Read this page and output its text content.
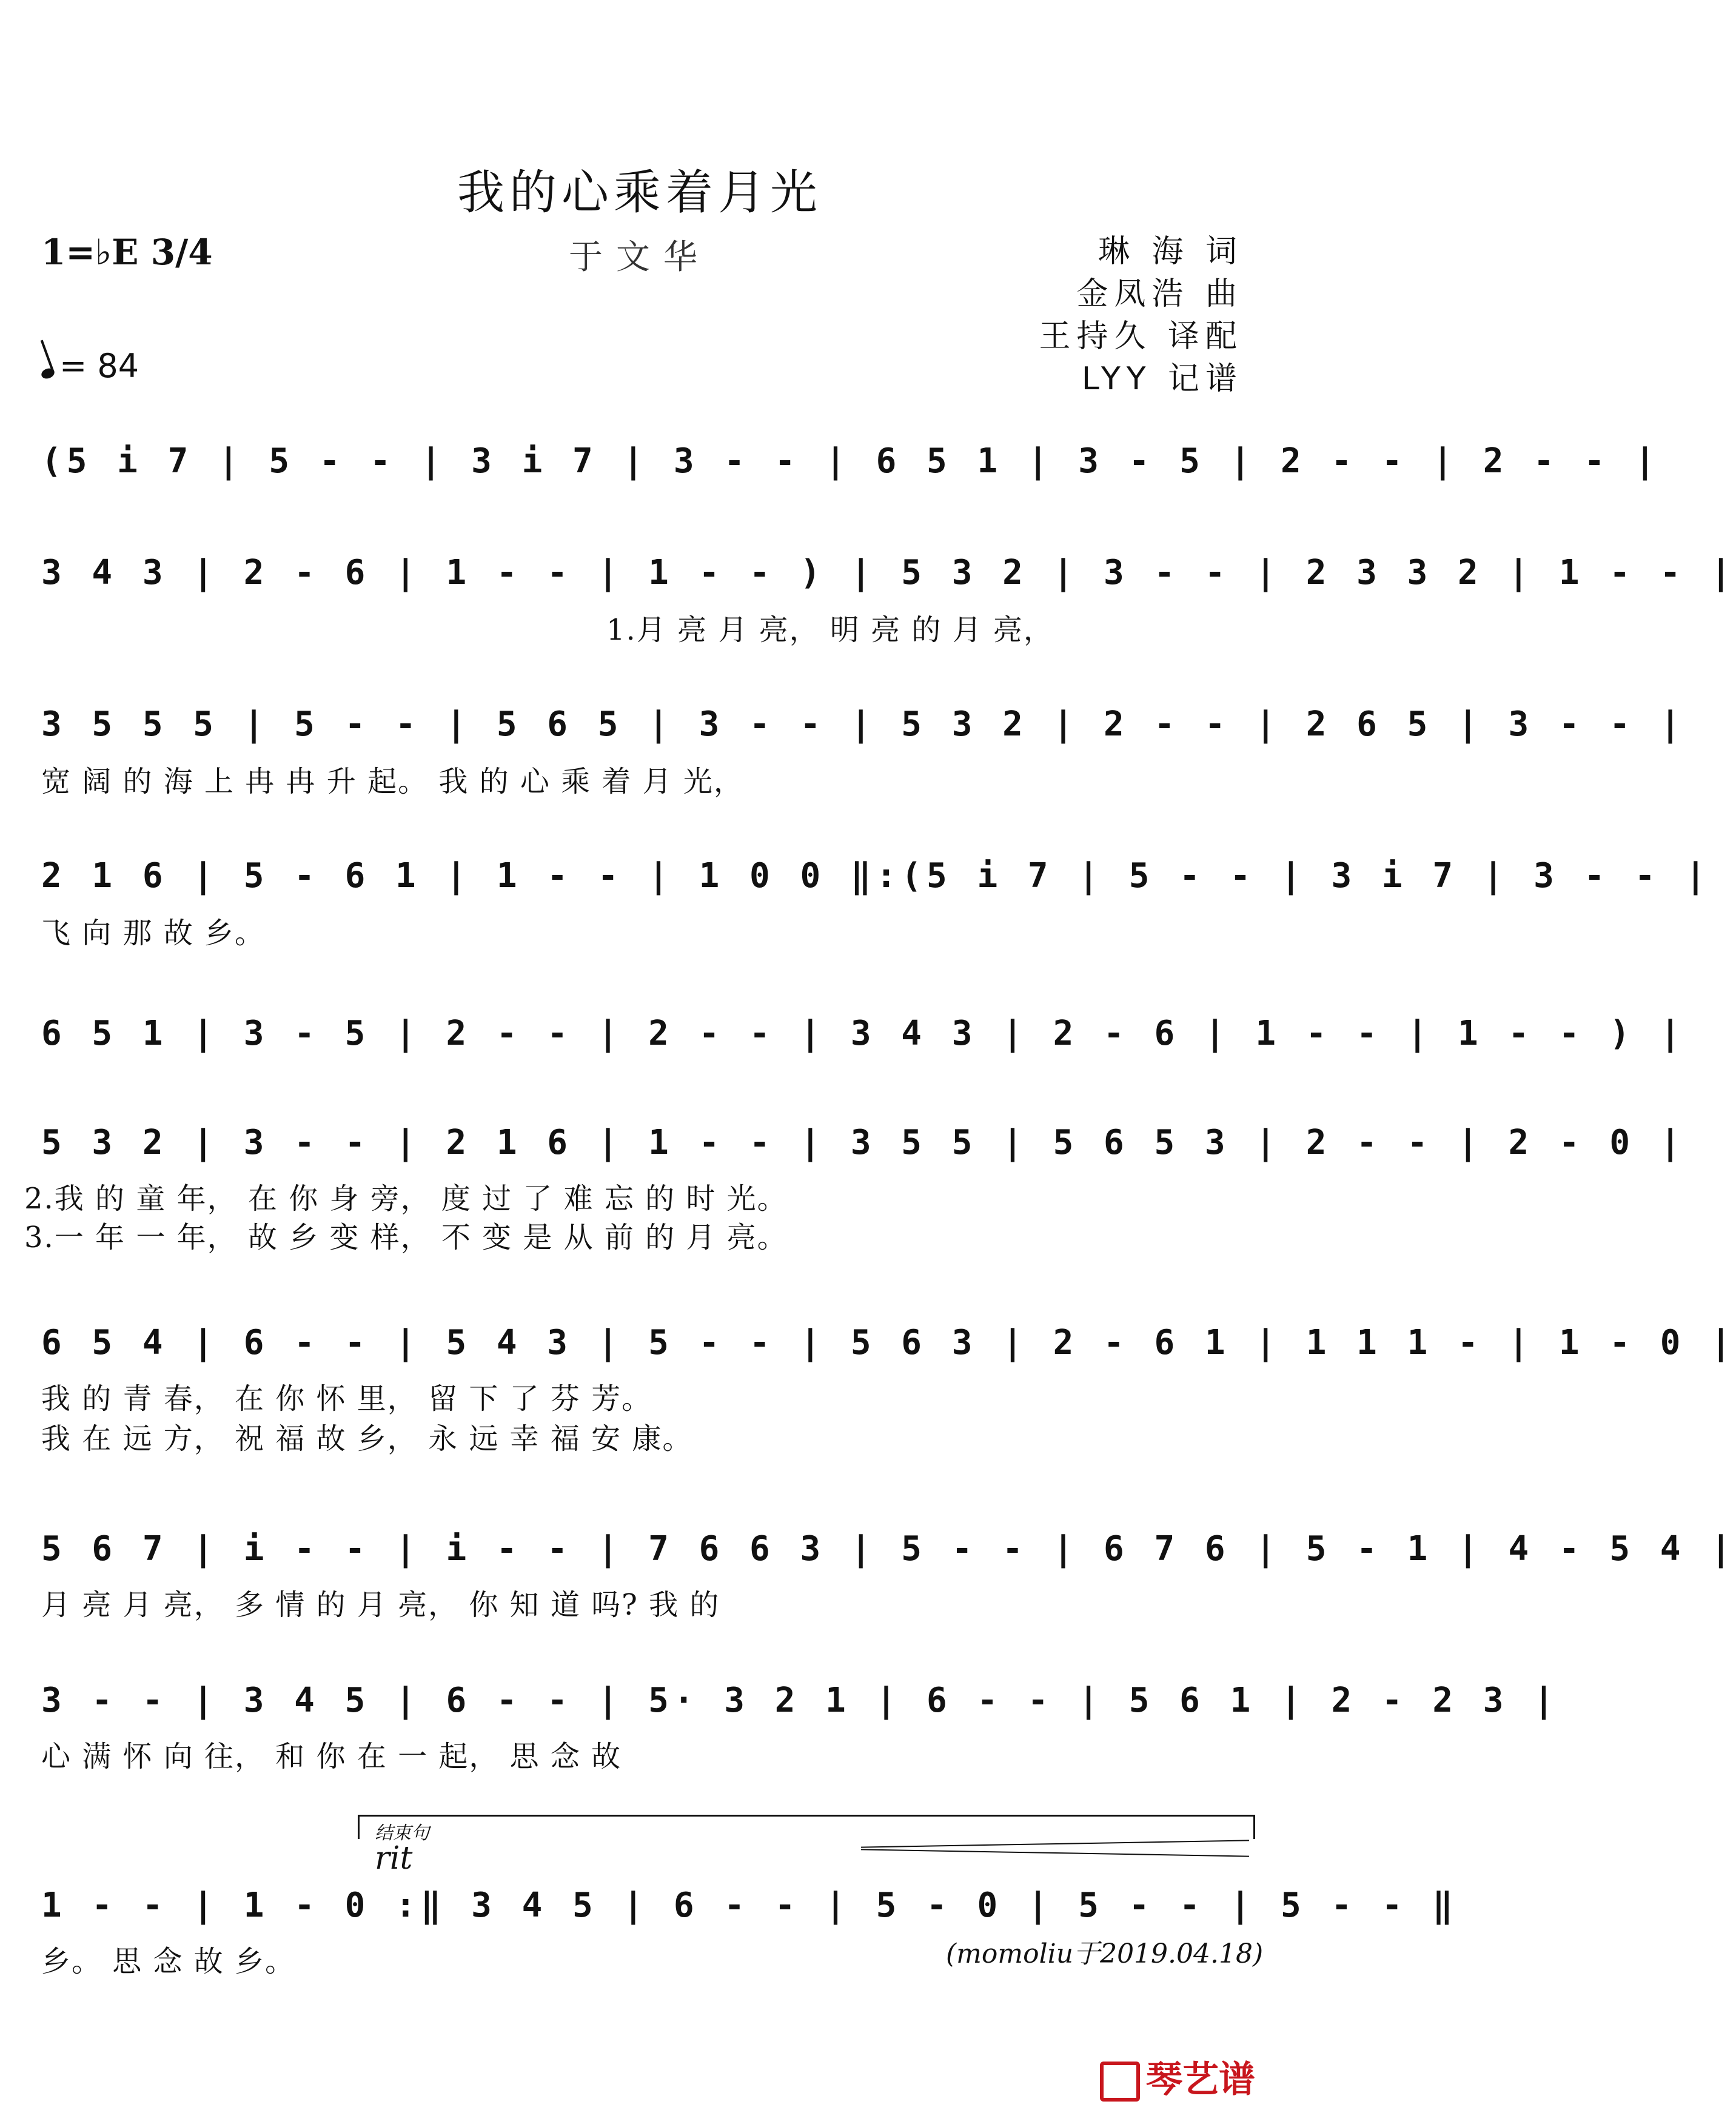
我的心乘着月光
于文华
1=♭E 3/4
= 84
琳 海 词
金凤浩 曲
王持久 译配
LYY 记谱
(5 i 7 | 5 - - | 3 i 7 | 3 - - | 6 5 1 | 3 - 5 | 2 - - | 2 - - |
3 4 3 | 2 - 6 | 1 - - | 1 - - ) | 5 3 2 | 3 - - | 2 3 3 2 | 1 - - |
1.月 亮 月 亮， 明 亮 的 月 亮，
3 5 5 5 | 5 - - | 5 6 5 | 3 - - | 5 3 2 | 2 - - | 2 6 5 | 3 - - |
宽 阔 的 海 上 冉 冉 升 起。 我 的 心 乘 着 月 光，
2 1 6 | 5 - 6 1 | 1 - - | 1 0 0 ‖:(5 i 7 | 5 - - | 3 i 7 | 3 - - |
飞 向 那 故 乡。
6 5 1 | 3 - 5 | 2 - - | 2 - - | 3 4 3 | 2 - 6 | 1 - - | 1 - - ) |
5 3 2 | 3 - - | 2 1 6 | 1 - - | 3 5 5 | 5 6 5 3 | 2 - - | 2 - 0 |
2.我 的 童 年， 在 你 身 旁， 度 过 了 难 忘 的 时 光。
3.一 年 一 年， 故 乡 变 样， 不 变 是 从 前 的 月 亮。
6 5 4 | 6 - - | 5 4 3 | 5 - - | 5 6 3 | 2 - 6 1 | 1 1 1 - | 1 - 0 |
我 的 青 春， 在 你 怀 里， 留 下 了 芬 芳。
我 在 远 方， 祝 福 故 乡， 永 远 幸 福 安 康。
5 6 7 | i - - | i - - | 7 6 6 3 | 5 - - | 6 7 6 | 5 - 1 | 4 - 5 4 |
月 亮 月 亮， 多 情 的 月 亮， 你 知 道 吗? 我 的
3 - - | 3 4 5 | 6 - - | 5· 3 2 1 | 6 - - | 5 6 1 | 2 - 2 3 |
心 满 怀 向 往， 和 你 在 一 起， 思 念 故
结束句
rit
1 - - | 1 - 0 :‖ 3 4 5 | 6 - - | 5 - 0 | 5 - - | 5 - - ‖
乡。 思 念 故 乡。	(momoliu于2019.04.18)
琴艺谱
